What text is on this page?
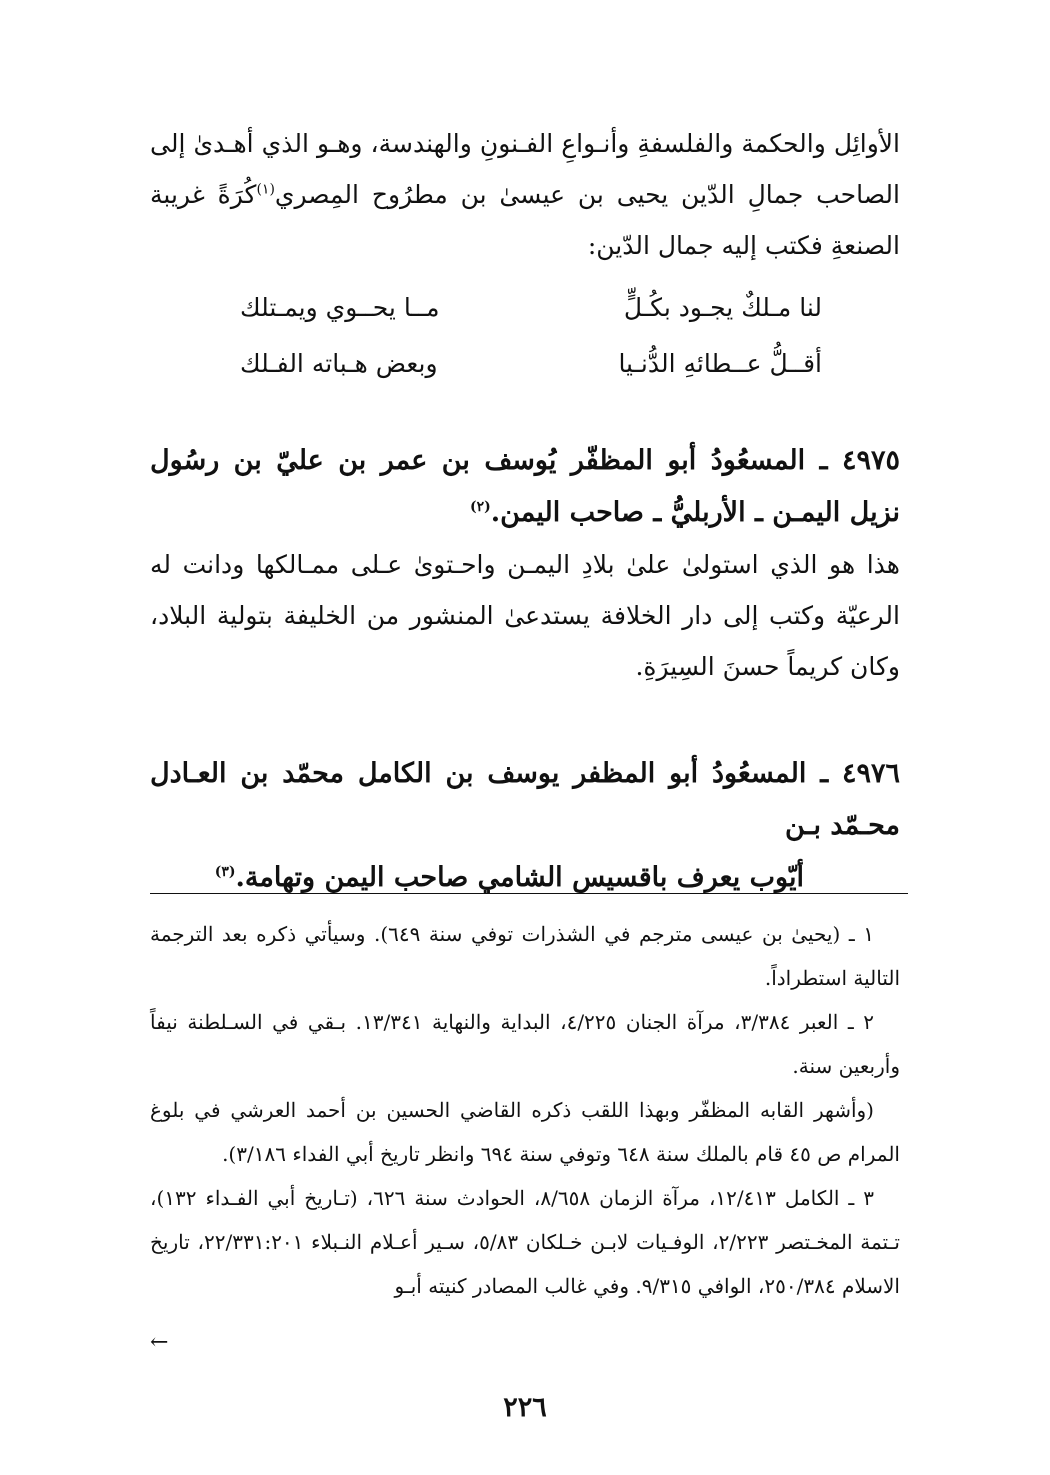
الأوائِل والحكمة والفلسفةِ وأنـواعِ الفـنونِ والهندسة، وهـو الذي أهـدىٰ إلى الصاحب جمالِ الدّين يحيى بن عيسىٰ بن مطرُوح المِصري$^{(١)}$كُرَةً غريبة الصنعةِ فكتب إليه جمال الدّين:

لنا مـلكٌ يجـود بكُـلٍّ
مــا يحــوي ويمـتلك
أقــلُّ عــطائهِ الدُّنـيا
وبعض هـباته الفـلك

٤٩٧٥ ـ المسعُودُ أبو المظفّر يُوسف بن عمر بن عليّ بن رسُول نزيل اليمـن ـ الأربليُّ ـ صاحب اليمن.$^{(٢)}$

هذا هو الذي استولىٰ علىٰ بلادِ اليمـن واحـتوىٰ عـلى ممـالكها ودانت له الرعيّة وكتب إلى دار الخلافة يستدعىٰ المنشور من الخليفة بتولية البلاد، وكان كريماً حسنَ السِيرَةِ.

٤٩٧٦ ـ المسعُودُ أبو المظفر يوسف بن الكامل محمّد بن العـادل محـمّد بـن
أيّوب يعرف باقسيس الشامي صاحب اليمن وتهامة.$^{(٣)}$

١ ـ (يحيىٰ بن عيسى مترجم في الشذرات توفي سنة ٦٤٩). وسيأتي ذكره بعد الترجمة التالية استطراداً.

٢ ـ العبر ٣/٣٨٤، مرآة الجنان ٤/٢٢٥، البداية والنهاية ١٣/٣٤١. بـقي في السـلطنة نيفاً وأربعين سنة.

(وأشهر القابه المظفّر وبهذا اللقب ذكره القاضي الحسين بن أحمد العرشي في بلوغ المرام ص ٤٥ قام بالملك سنة ٦٤٨ وتوفي سنة ٦٩٤ وانظر تاريخ أبي الفداء ٣/١٨٦).

٣ ـ الكامل ١٢/٤١٣، مرآة الزمان ٨/٦٥٨، الحوادث سنة ٦٢٦، (تـاريخ أبي الفـداء ١٣٢)، تـتمة المخـتصر ٢/٢٢٣، الوفـيات لابـن خـلكان ٥/٨٣، سـير أعـلام النـبلاء ٢٢/٣٣١:٢٠١، تاريخ الاسلام ٢٥٠/٣٨٤، الوافي ٩/٣١٥. وفي غالب المصادر كنيته أبـو

←
٢٢٦
